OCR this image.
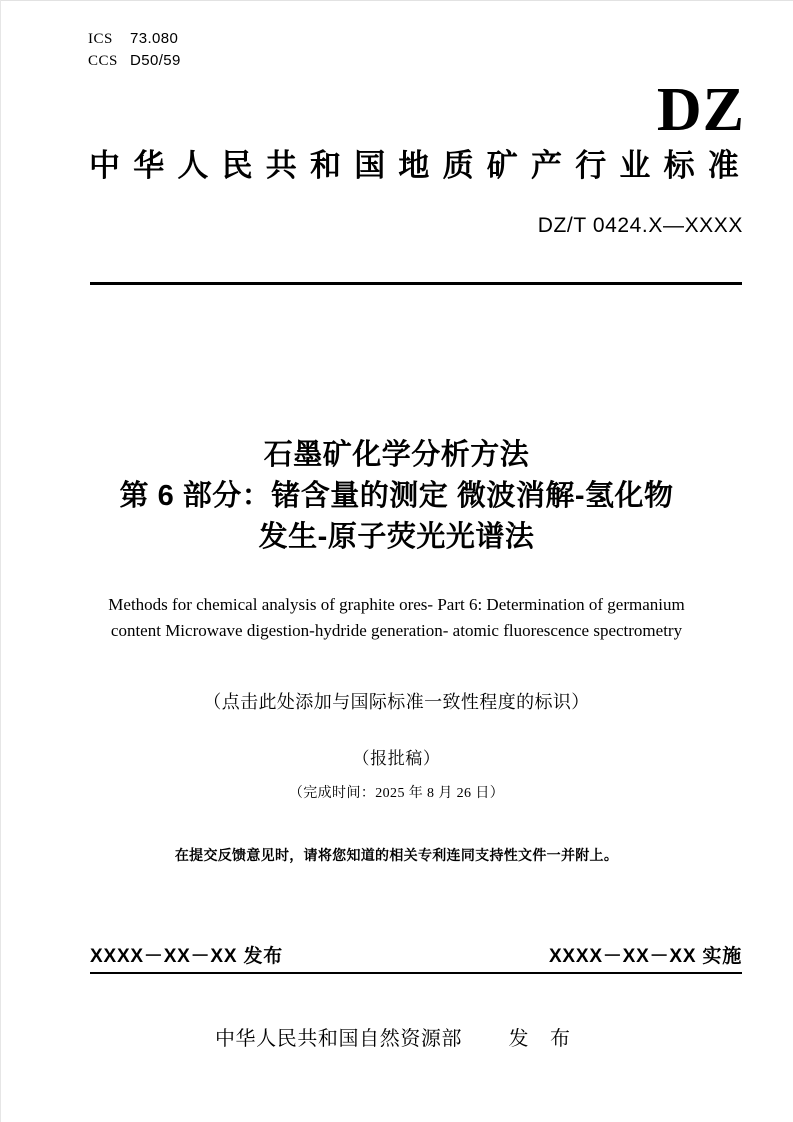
ICS	73.080
CCS D50/59
DZ
中华人民共和国地质矿产行业标准
DZ/T 0424.X—XXXX
石墨矿化学分析方法
第 6 部分：锗含量的测定 微波消解-氢化物
发生-原子荧光光谱法
Methods for chemical analysis of graphite ores- Part 6: Determination of germanium
content Microwave digestion-hydride generation- atomic fluorescence spectrometry
（点击此处添加与国际标准一致性程度的标识）
（报批稿）
（完成时间：2025 年 8 月 26 日）
在提交反馈意见时，请将您知道的相关专利连同支持性文件一并附上。
XXXX－XX－XX 发布	XXXX－XX－XX 实施
中华人民共和国自然资源部 发 布
